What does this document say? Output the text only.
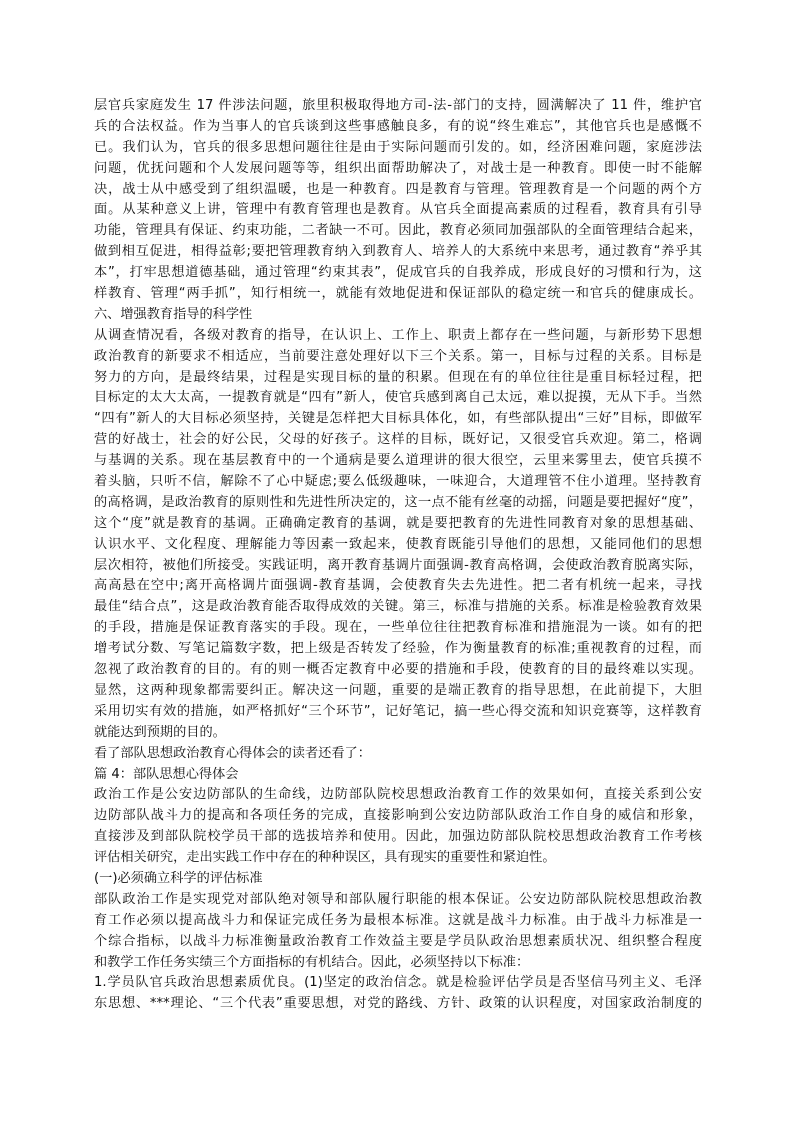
层官兵家庭发生 17 件涉法问题，旅里积极取得地方司-法-部门的支持，圆满解决了 11 件，维护官
兵的合法权益。作为当事人的官兵谈到这些事感触良多，有的说“终生难忘”，其他官兵也是感慨不
已。我们认为，官兵的很多思想问题往往是由于实际问题而引发的。如，经济困难问题，家庭涉法
问题，优抚问题和个人发展问题等等，组织出面帮助解决了，对战士是一种教育。即使一时不能解
决，战士从中感受到了组织温暖，也是一种教育。四是教育与管理。管理教育是一个问题的两个方
面。从某种意义上讲，管理中有教育管理也是教育。从官兵全面提高素质的过程看，教育具有引导
功能，管理具有保证、约束功能，二者缺一不可。因此，教育必须同加强部队的全面管理结合起来，
做到相互促进，相得益彰;要把管理教育纳入到教育人、培养人的大系统中来思考，通过教育“养乎其
本”，打牢思想道德基础，通过管理“约束其表”，促成官兵的自我养成，形成良好的习惯和行为，这
样教育、管理“两手抓”，知行相统一，就能有效地促进和保证部队的稳定统一和官兵的健康成长。
六、增强教育指导的科学性
从调查情况看，各级对教育的指导，在认识上、工作上、职责上都存在一些问题，与新形势下思想
政治教育的新要求不相适应，当前要注意处理好以下三个关系。第一，目标与过程的关系。目标是
努力的方向，是最终结果，过程是实现目标的量的积累。但现在有的单位往往是重目标轻过程，把
目标定的太大太高，一提教育就是“四有”新人，使官兵感到离自己太远，难以捉摸，无从下手。当然
“四有”新人的大目标必须坚持，关键是怎样把大目标具体化，如，有些部队提出“三好”目标，即做军
营的好战士，社会的好公民，父母的好孩子。这样的目标，既好记，又很受官兵欢迎。第二，格调
与基调的关系。现在基层教育中的一个通病是要么道理讲的很大很空，云里来雾里去，使官兵摸不
着头脑，只听不信，解除不了心中疑虑;要么低级趣味，一味迎合，大道理管不住小道理。坚持教育
的高格调，是政治教育的原则性和先进性所决定的，这一点不能有丝毫的动摇，问题是要把握好“度”，
这个“度”就是教育的基调。正确确定教育的基调，就是要把教育的先进性同教育对象的思想基础、
认识水平、文化程度、理解能力等因素一致起来，使教育既能引导他们的思想，又能同他们的思想
层次相符，被他们所接受。实践证明，离开教育基调片面强调-教育高格调，会使政治教育脱离实际，
高高悬在空中;离开高格调片面强调-教育基调，会使教育失去先进性。把二者有机统一起来，寻找
最佳“结合点”，这是政治教育能否取得成效的关键。第三，标准与措施的关系。标准是检验教育效果
的手段，措施是保证教育落实的手段。现在，一些单位往往把教育标准和措施混为一谈。如有的把
增考试分数、写笔记篇数字数，把上级是否转发了经验，作为衡量教育的标准;重视教育的过程，而
忽视了政治教育的目的。有的则一概否定教育中必要的措施和手段，使教育的目的最终难以实现。
显然，这两种现象都需要纠正。解决这一问题，重要的是端正教育的指导思想，在此前提下，大胆
采用切实有效的措施，如严格抓好“三个环节”，记好笔记，搞一些心得交流和知识竞赛等，这样教育
就能达到预期的目的。
看了部队思想政治教育心得体会的读者还看了：
篇 4：部队思想心得体会
政治工作是公安边防部队的生命线，边防部队院校思想政治教育工作的效果如何，直接关系到公安
边防部队战斗力的提高和各项任务的完成，直接影响到公安边防部队政治工作自身的威信和形象，
直接涉及到部队院校学员干部的选拔培养和使用。因此，加强边防部队院校思想政治教育工作考核
评估相关研究，走出实践工作中存在的种种误区，具有现实的重要性和紧迫性。
(一)必须确立科学的评估标准
部队政治工作是实现党对部队绝对领导和部队履行职能的根本保证。公安边防部队院校思想政治教
育工作必须以提高战斗力和保证完成任务为最根本标准。这就是战斗力标准。由于战斗力标准是一
个综合指标，以战斗力标准衡量政治教育工作效益主要是学员队政治思想素质状况、组织整合程度
和教学工作任务实绩三个方面指标的有机结合。因此，必须坚持以下标准：
1.学员队官兵政治思想素质优良。(1)坚定的政治信念。就是检验评估学员是否坚信马列主义、毛泽
东思想、***理论、“三个代表”重要思想，对党的路线、方针、政策的认识程度，对国家政治制度的
